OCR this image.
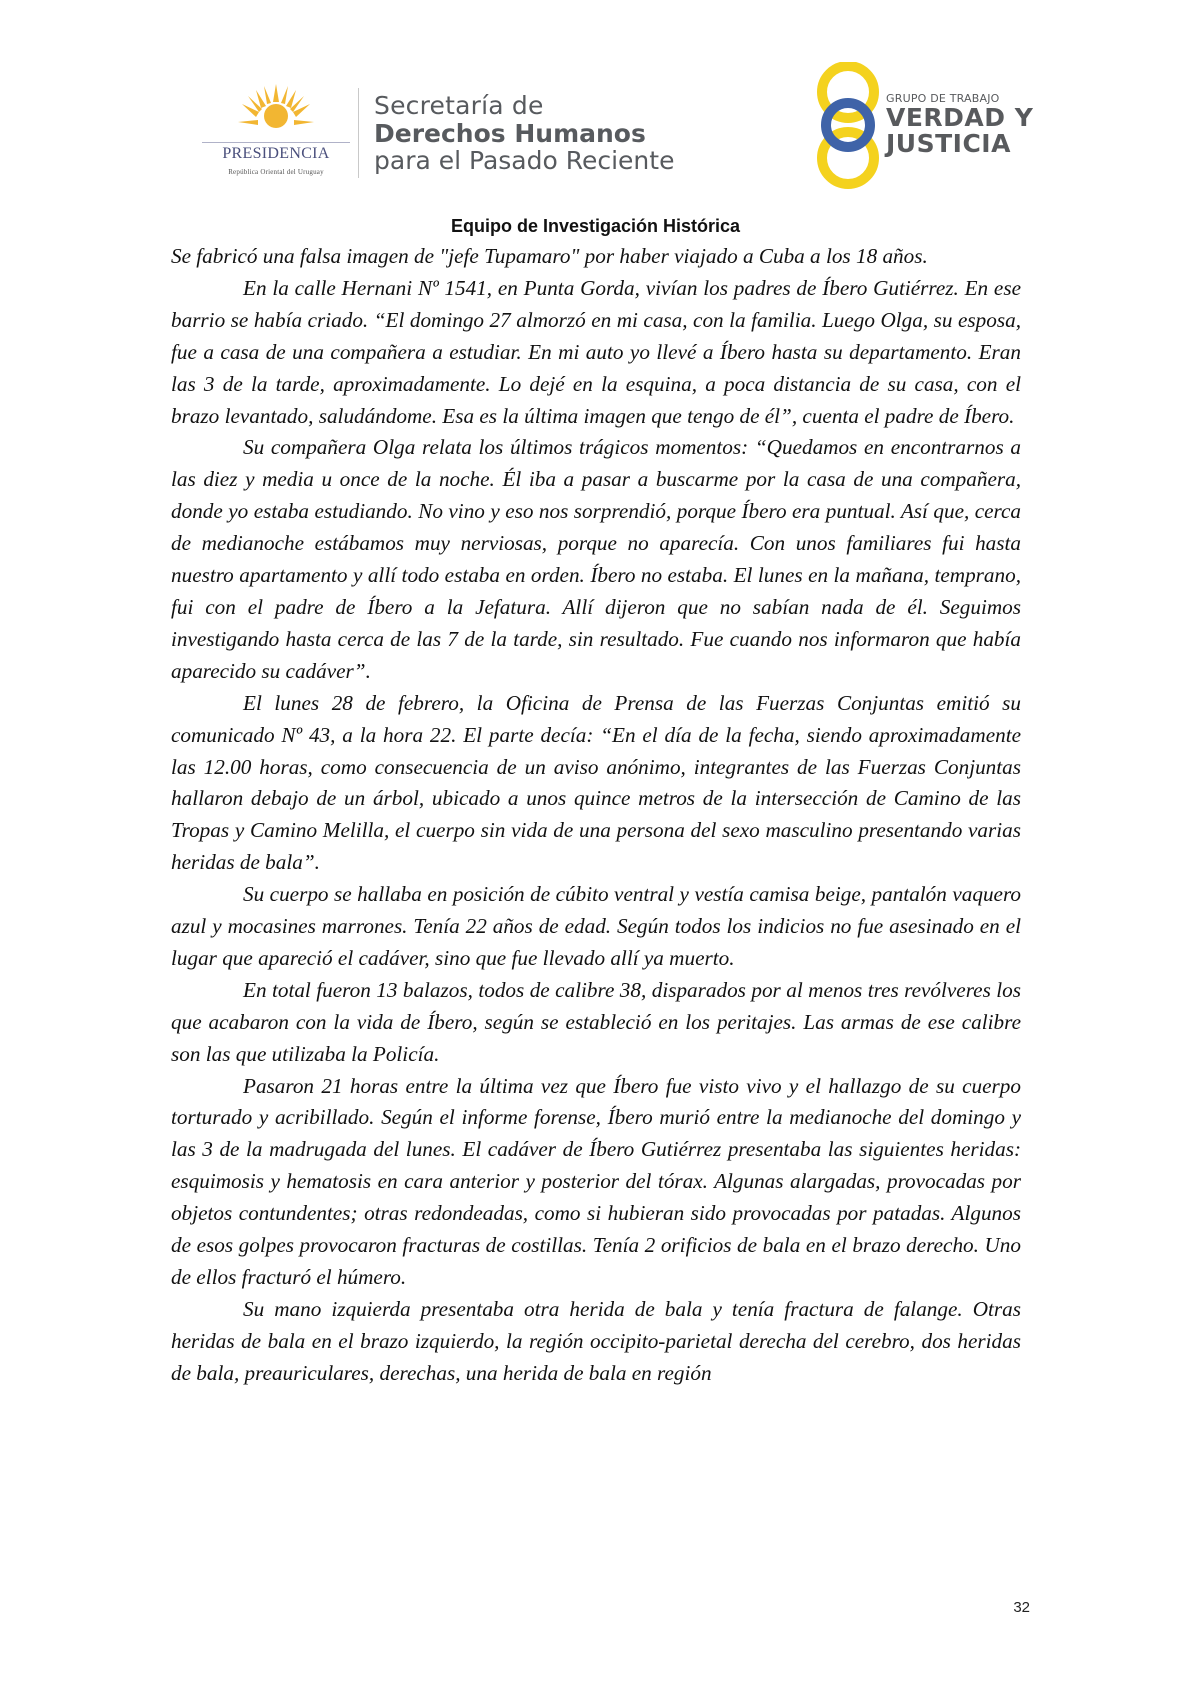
PRESIDENCIA
República Oriental del Uruguay
Secretaría de
Derechos Humanos
para el Pasado Reciente
GRUPO DE TRABAJO
VERDAD Y
JUSTICIA
Equipo de Investigación Histórica

Se fabricó una falsa imagen de "jefe Tupamaro" por haber viajado a Cuba a los 18 años.

En la calle Hernani Nº 1541, en Punta Gorda, vivían los padres de Íbero Gutiérrez. En ese barrio se había criado. “El domingo 27 almorzó en mi casa, con la familia. Luego Olga, su esposa, fue a casa de una compañera a estudiar. En mi auto yo llevé a Íbero hasta su departamento. Eran las 3 de la tarde, aproximadamente. Lo dejé en la esquina, a poca distancia de su casa, con el brazo levantado, saludándome. Esa es la última imagen que tengo de él”, cuenta el padre de Íbero.

Su compañera Olga relata los últimos trágicos momentos: “Quedamos en encontrarnos a las diez y media u once de la noche. Él iba a pasar a buscarme por la casa de una compañera, donde yo estaba estudiando. No vino y eso nos sorprendió, porque Íbero era puntual. Así que, cerca de medianoche estábamos muy nerviosas, porque no aparecía. Con unos familiares fui hasta nuestro apartamento y allí todo estaba en orden. Íbero no estaba. El lunes en la mañana, temprano, fui con el padre de Íbero a la Jefatura. Allí dijeron que no sabían nada de él. Seguimos investigando hasta cerca de las 7 de la tarde, sin resultado. Fue cuando nos informaron que había aparecido su cadáver”.

El lunes 28 de febrero, la Oficina de Prensa de las Fuerzas Conjuntas emitió su comunicado Nº 43, a la hora 22. El parte decía: “En el día de la fecha, siendo aproximadamente las 12.00 horas, como consecuencia de un aviso anónimo, integrantes de las Fuerzas Conjuntas hallaron debajo de un árbol, ubicado a unos quince metros de la intersección de Camino de las Tropas y Camino Melilla, el cuerpo sin vida de una persona del sexo masculino presentando varias heridas de bala”.

Su cuerpo se hallaba en posición de cúbito ventral y vestía camisa beige, pantalón vaquero azul y mocasines marrones. Tenía 22 años de edad. Según todos los indicios no fue asesinado en el lugar que apareció el cadáver, sino que fue llevado allí ya muerto.

En total fueron 13 balazos, todos de calibre 38, disparados por al menos tres revólveres los que acabaron con la vida de Íbero, según se estableció en los peritajes. Las armas de ese calibre son las que utilizaba la Policía.

Pasaron 21 horas entre la última vez que Íbero fue visto vivo y el hallazgo de su cuerpo torturado y acribillado. Según el informe forense, Íbero murió entre la medianoche del domingo y las 3 de la madrugada del lunes. El cadáver de Íbero Gutiérrez presentaba las siguientes heridas: esquimosis y hematosis en cara anterior y posterior del tórax. Algunas alargadas, provocadas por objetos contundentes; otras redondeadas, como si hubieran sido provocadas por patadas. Algunos de esos golpes provocaron fracturas de costillas. Tenía 2 orificios de bala en el brazo derecho. Uno de ellos fracturó el húmero.

Su mano izquierda presentaba otra herida de bala y tenía fractura de falange. Otras heridas de bala en el brazo izquierdo, la región occipito-parietal derecha del cerebro, dos heridas de bala, preauriculares, derechas, una herida de bala en región

32
